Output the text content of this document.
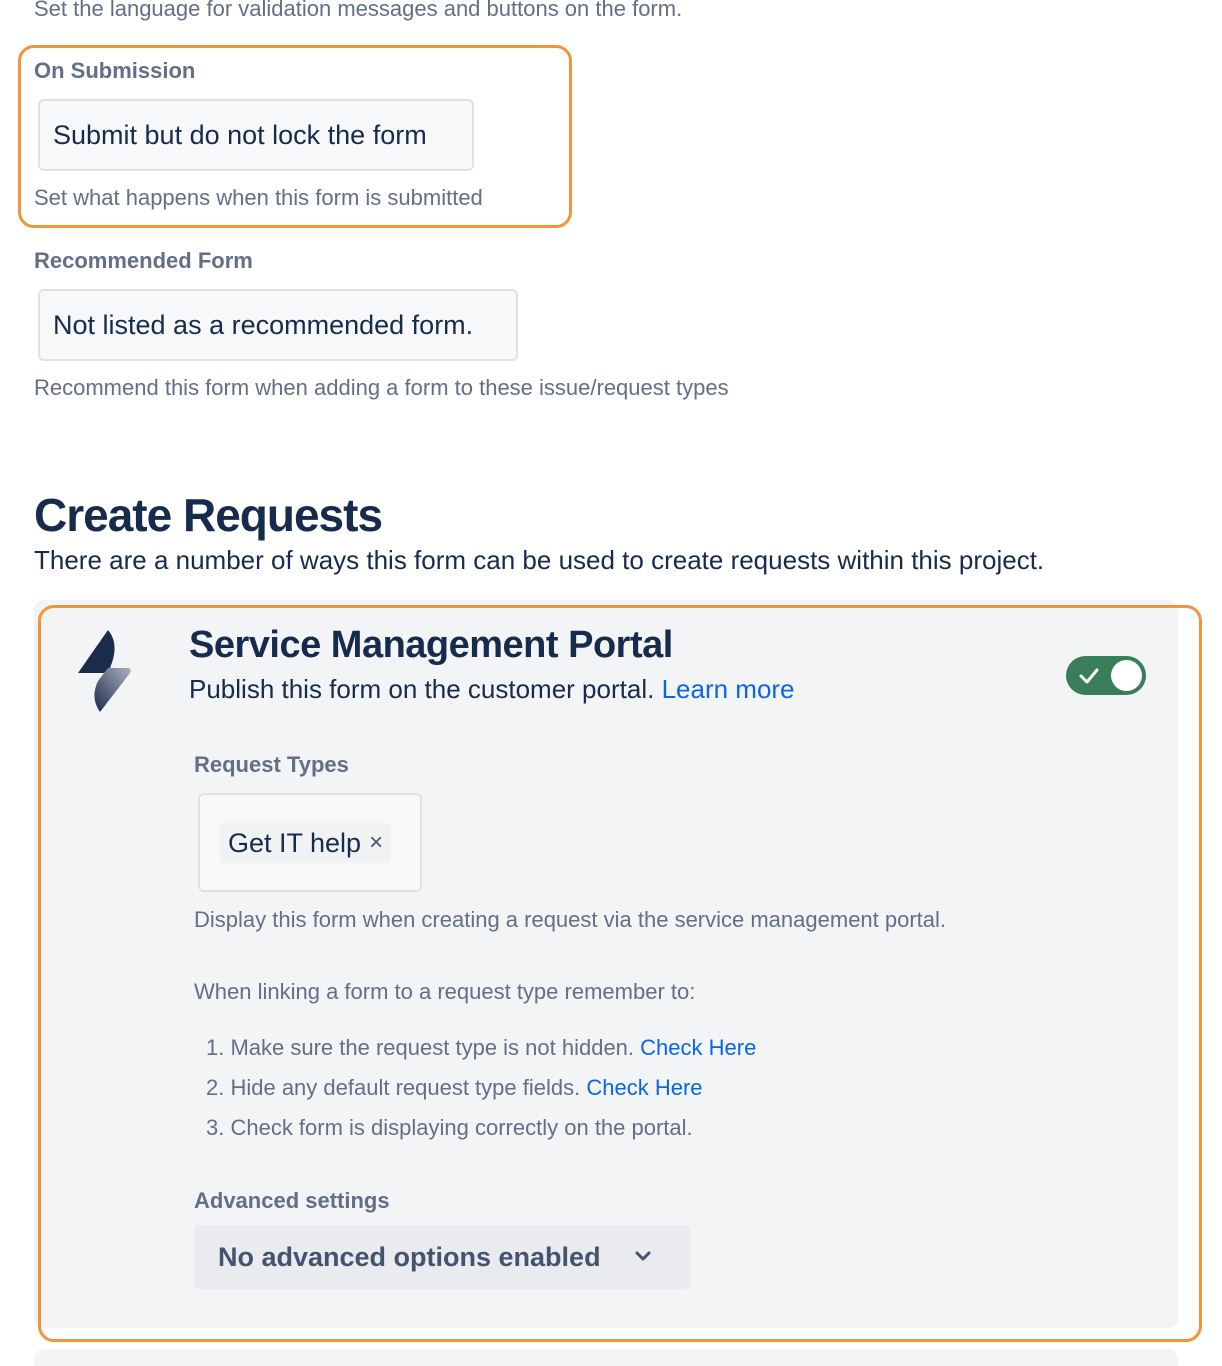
Set the language for validation messages and buttons on the form.
On Submission
Submit but do not lock the form
Set what happens when this form is submitted
Recommended Form
Not listed as a recommended form.
Recommend this form when adding a form to these issue/request types
Create Requests
There are a number of ways this form can be used to create requests within this project.
Service Management Portal
Publish this form on the customer portal. Learn more
Request Types
Get IT help ×
Display this form when creating a request via the service management portal.
When linking a form to a request type remember to:
1. Make sure the request type is not hidden. Check Here
2. Hide any default request type fields. Check Here
3. Check form is displaying correctly on the portal.
Advanced settings
No advanced options enabled
